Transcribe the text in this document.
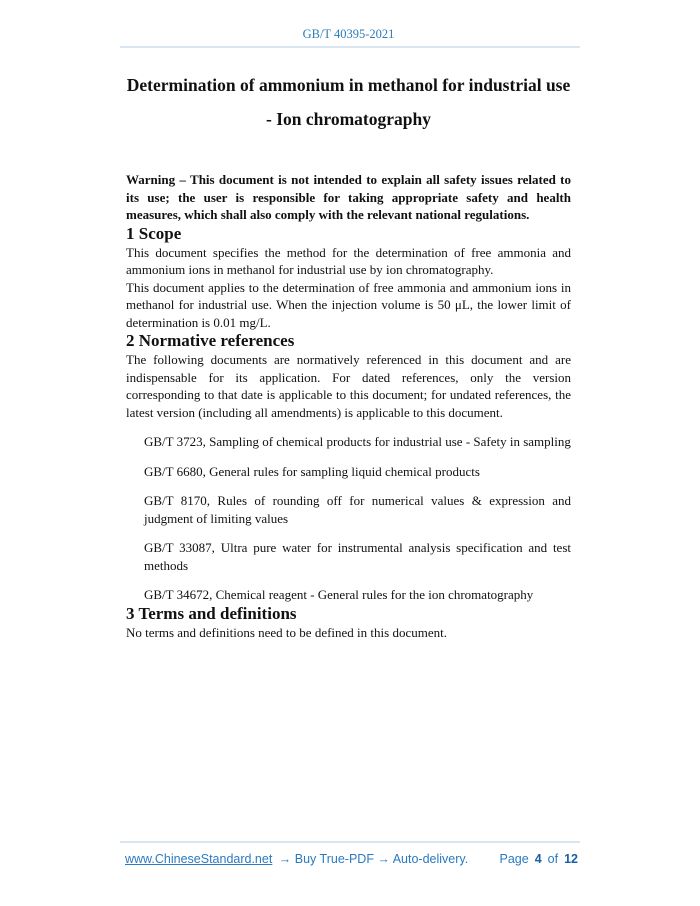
GB/T 40395-2021
Determination of ammonium in methanol for industrial use
- Ion chromatography

Warning – This document is not intended to explain all safety issues related to its use; the user is responsible for taking appropriate safety and health measures, which shall also comply with the relevant national regulations.

1 Scope

This document specifies the method for the determination of free ammonia and ammonium ions in methanol for industrial use by ion chromatography.

This document applies to the determination of free ammonia and ammonium ions in methanol for industrial use. When the injection volume is 50 μL, the lower limit of determination is 0.01 mg/L.

2 Normative references

The following documents are normatively referenced in this document and are indispensable for its application. For dated references, only the version corresponding to that date is applicable to this document; for undated references, the latest version (including all amendments) is applicable to this document.

GB/T 3723, Sampling of chemical products for industrial use - Safety in sampling

GB/T 6680, General rules for sampling liquid chemical products

GB/T 8170, Rules of rounding off for numerical values & expression and judgment of limiting values

GB/T 33087, Ultra pure water for instrumental analysis specification and test methods

GB/T 34672, Chemical reagent - General rules for the ion chromatography

3 Terms and definitions

No terms and definitions need to be defined in this document.

www.ChineseStandard.net → Buy True-PDF → Auto-delivery.	Page 4 of 12
